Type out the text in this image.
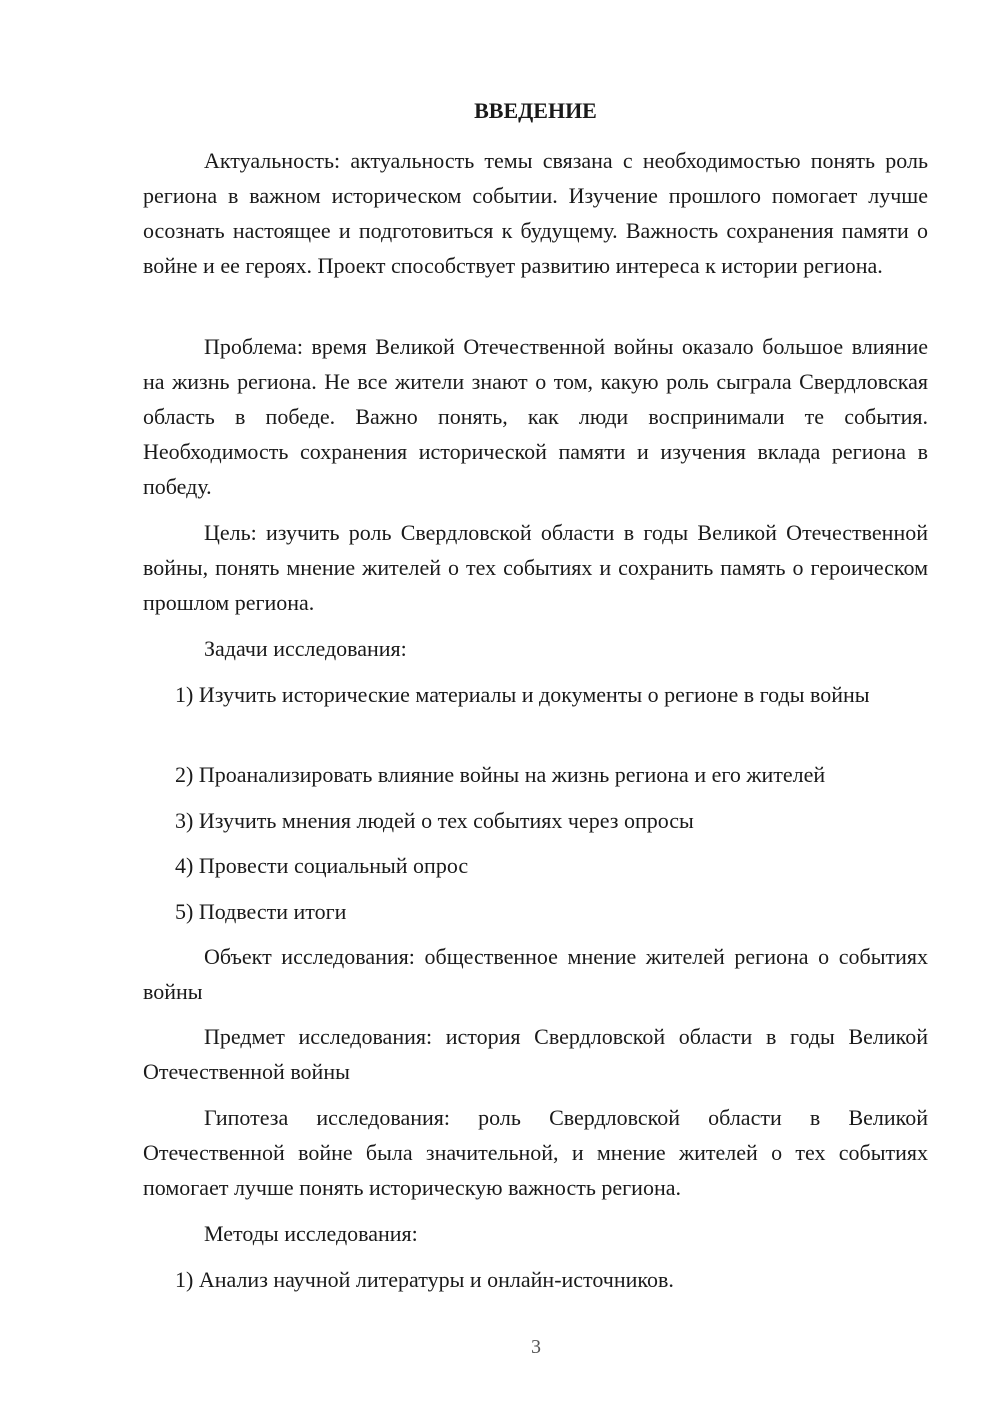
ВВЕДЕНИЕ
Актуальность: актуальность темы связана с необходимостью понять роль региона в важном историческом событии. Изучение прошлого помогает лучше осознать настоящее и подготовиться к будущему. Важность сохранения памяти о войне и ее героях. Проект способствует развитию интереса к истории региона.
Проблема: время Великой Отечественной войны оказало большое влияние на жизнь региона. Не все жители знают о том, какую роль сыграла Свердловская область в победе. Важно понять, как люди воспринимали те события. Необходимость сохранения исторической памяти и изучения вклада региона в победу.
Цель: изучить роль Свердловской области в годы Великой Отечественной войны, понять мнение жителей о тех событиях и сохранить память о героическом прошлом региона.
Задачи исследования:
1) Изучить исторические материалы и документы о регионе в годы войны
2) Проанализировать влияние войны на жизнь региона и его жителей
3) Изучить мнения людей о тех событиях через опросы
4) Провести социальный опрос
5) Подвести итоги
Объект исследования: общественное мнение жителей региона о событиях войны
Предмет исследования: история Свердловской области в годы Великой Отечественной войны
Гипотеза исследования: роль Свердловской области в Великой Отечественной войне была значительной, и мнение жителей о тех событиях помогает лучше понять историческую важность региона.
Методы исследования:
1) Анализ научной литературы и онлайн-источников.
3
